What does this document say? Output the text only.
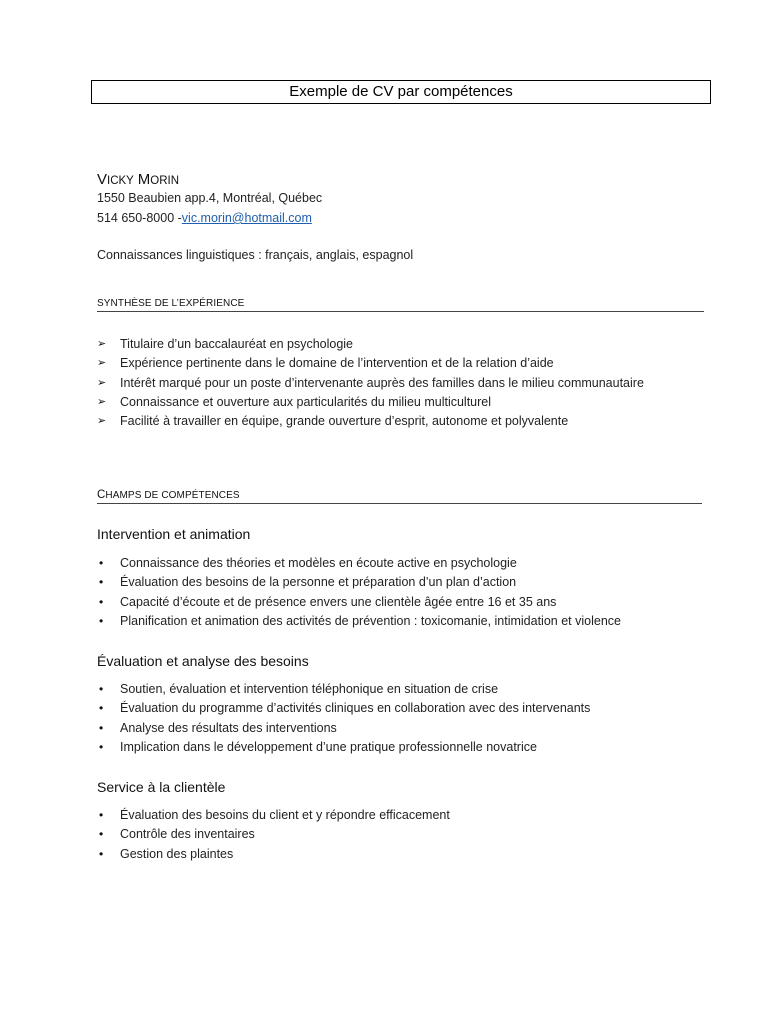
Exemple de CV par compétences
VICKY MORIN
1550 Beaubien app.4, Montréal, Québec
514 650-8000 -vic.morin@hotmail.com
Connaissances linguistiques : français, anglais, espagnol
SYNTHÈSE DE L’EXPÉRIENCE
➢ Titulaire d’un baccalauréat en psychologie
➢ Expérience pertinente dans le domaine de l’intervention et de la relation d’aide
➢ Intérêt marqué pour un poste d’intervenante auprès des familles dans le milieu communautaire
➢ Connaissance et ouverture aux particularités du milieu multiculturel
➢ Facilité à travailler en équipe, grande ouverture d’esprit, autonome et polyvalente
CHAMPS DE COMPÉTENCES
Intervention et animation
• Connaissance des théories et modèles en écoute active en psychologie
• Évaluation des besoins de la personne et préparation d’un plan d’action
• Capacité d’écoute et de présence envers une clientèle âgée entre 16 et 35 ans
• Planification et animation des activités de prévention : toxicomanie, intimidation et violence
Évaluation et analyse des besoins
• Soutien, évaluation et intervention téléphonique en situation de crise
• Évaluation du programme d’activités cliniques en collaboration avec des intervenants
• Analyse des résultats des interventions
• Implication dans le développement d’une pratique professionnelle novatrice
Service à la clientèle
• Évaluation des besoins du client et y répondre efficacement
• Contrôle des inventaires
• Gestion des plaintes
